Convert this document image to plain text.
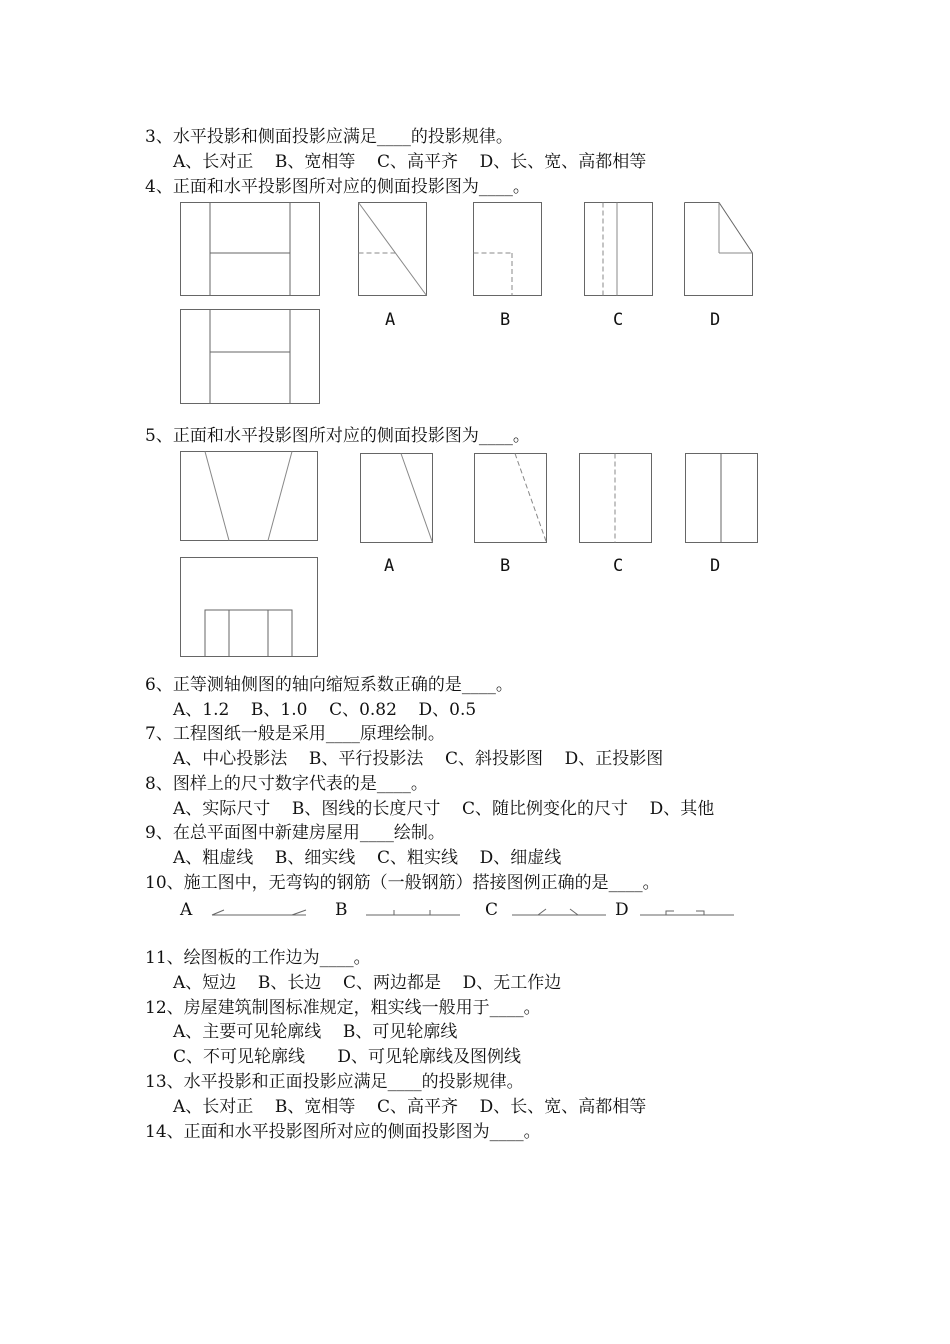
3、水平投影和侧面投影应满足____的投影规律。
A、长对正    B、宽相等    C、高平齐    D、长、宽、高都相等
4、正面和水平投影图所对应的侧面投影图为____。
A	B	C	D
5、正面和水平投影图所对应的侧面投影图为____。
A	B	C	D
6、正等测轴侧图的轴向缩短系数正确的是____。
A、1.2    B、1.0    C、0.82    D、0.5
7、工程图纸一般是采用____原理绘制。
A、中心投影法    B、平行投影法    C、斜投影图    D、正投影图
8、图样上的尺寸数字代表的是____。
A、实际尺寸    B、图线的长度尺寸    C、随比例变化的尺寸    D、其他
9、在总平面图中新建房屋用____绘制。
A、粗虚线    B、细实线    C、粗实线    D、细虚线
10、施工图中，无弯钩的钢筋（一般钢筋）搭接图例正确的是____。
A	B	C	D
11、绘图板的工作边为____。
A、短边    B、长边    C、两边都是    D、无工作边
12、房屋建筑制图标准规定，粗实线一般用于____。
A、主要可见轮廓线    B、可见轮廓线
C、不可见轮廓线      D、可见轮廓线及图例线
13、水平投影和正面投影应满足____的投影规律。
A、长对正    B、宽相等    C、高平齐    D、长、宽、高都相等
14、正面和水平投影图所对应的侧面投影图为____。
